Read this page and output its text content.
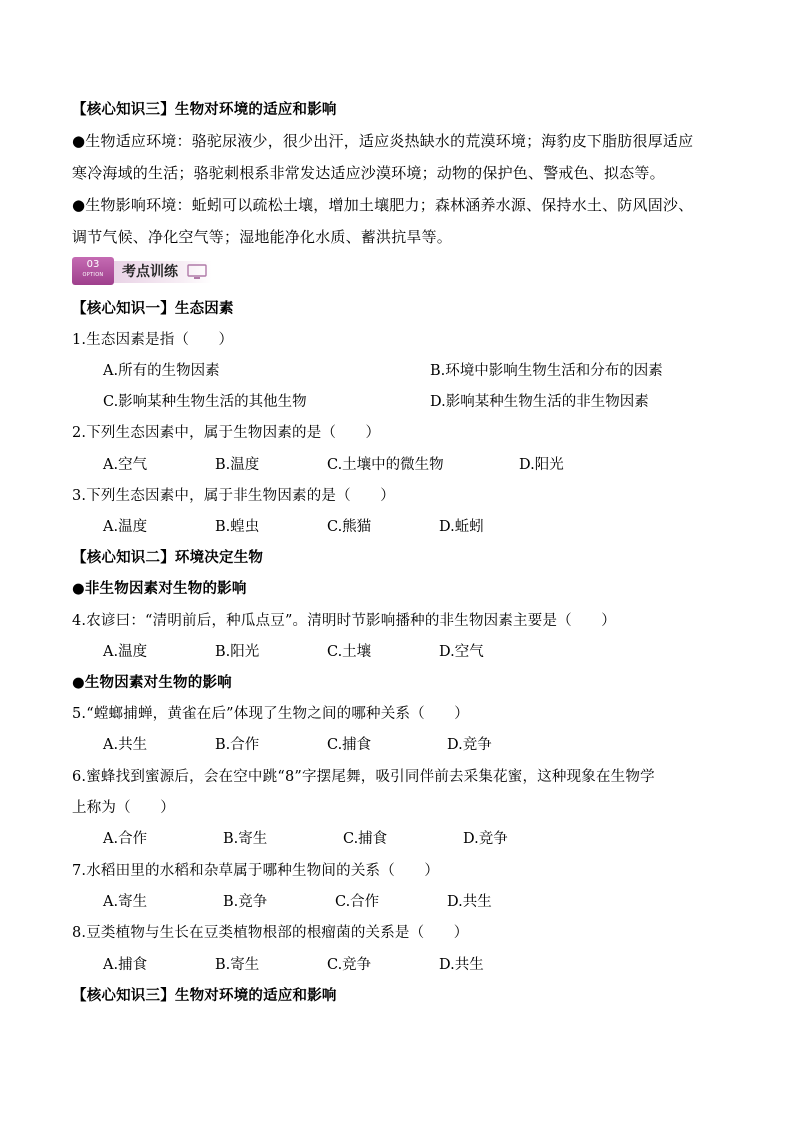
【核心知识三】生物对环境的适应和影响
●生物适应环境：骆驼尿液少，很少出汗，适应炎热缺水的荒漠环境；海豹皮下脂肪很厚适应
寒冷海域的生活；骆驼刺根系非常发达适应沙漠环境；动物的保护色、警戒色、拟态等。
●生物影响环境：蚯蚓可以疏松土壤，增加土壤肥力；森林涵养水源、保持水土、防风固沙、
调节气候、净化空气等；湿地能净化水质、蓄洪抗旱等。
03
OPTION	考点训练
【核心知识一】生态因素
1.生态因素是指（　　）
A.所有的生物因素	B.环境中影响生物生活和分布的因素
C.影响某种生物生活的其他生物	D.影响某种生物生活的非生物因素
2.下列生态因素中，属于生物因素的是（　　）
A.空气	B.温度	C.土壤中的微生物	D.阳光
3.下列生态因素中，属于非生物因素的是（　　）
A.温度	B.蝗虫	C.熊猫	D.蚯蚓
【核心知识二】环境决定生物
●非生物因素对生物的影响
4.农谚曰：“清明前后，种瓜点豆”。清明时节影响播种的非生物因素主要是（　　）
A.温度	B.阳光	C.土壤	D.空气
●生物因素对生物的影响
5.“螳螂捕蝉，黄雀在后”体现了生物之间的哪种关系（　　）
A.共生	B.合作	C.捕食	D.竞争
6.蜜蜂找到蜜源后，会在空中跳“8”字摆尾舞，吸引同伴前去采集花蜜，这种现象在生物学
上称为（　　）
A.合作	B.寄生	C.捕食	D.竞争
7.水稻田里的水稻和杂草属于哪种生物间的关系（　　）
A.寄生	B.竞争	C.合作	D.共生
8.豆类植物与生长在豆类植物根部的根瘤菌的关系是（　　）
A.捕食	B.寄生	C.竞争	D.共生
【核心知识三】生物对环境的适应和影响
